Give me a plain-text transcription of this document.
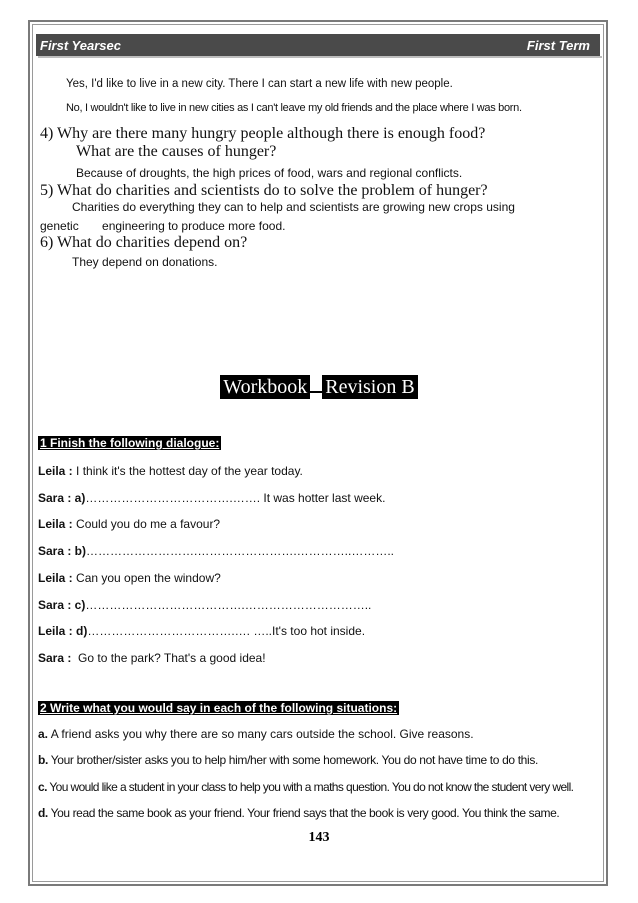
First Yearsec	First Term
Yes, I'd like to live in a new city. There I can start a new life with new people.
No, I wouldn't like to live in new cities as I can't leave my old friends and the place where I was born.
4) Why are there many hungry people although there is enough food?
What are the causes of hunger?
Because of droughts, the high prices of food, wars and regional conflicts.
5) What do charities and scientists do to solve the problem of hunger?
Charities do everything they can to help and scientists are growing new crops using
genetic       engineering to produce more food.
6) What do charities depend on?
They depend on donations.
Workbook Revision B
1 Finish the following dialogue:
Leila : I think it's the hottest day of the year today.
Sara : a)……………………………….……. It was hotter last week.
Leila : Could you do me a favour?
Sara : b)……………………….…………………….…………..………..
Leila : Can you open the window?
Sara : c)………………………………….…………………………..
Leila : d)……………………………….…. …..It's too hot inside.
Sara :  Go to the park? That's a good idea!
2 Write what you would say in each of the following situations:
a. A friend asks you why there are so many cars outside the school. Give reasons.
b. Your brother/sister asks you to help him/her with some homework. You do not have time to do this.
c. You would like a student in your class to help you with a maths question. You do not know the student very well.
d. You read the same book as your friend. Your friend says that the book is very good. You think the same.
143
